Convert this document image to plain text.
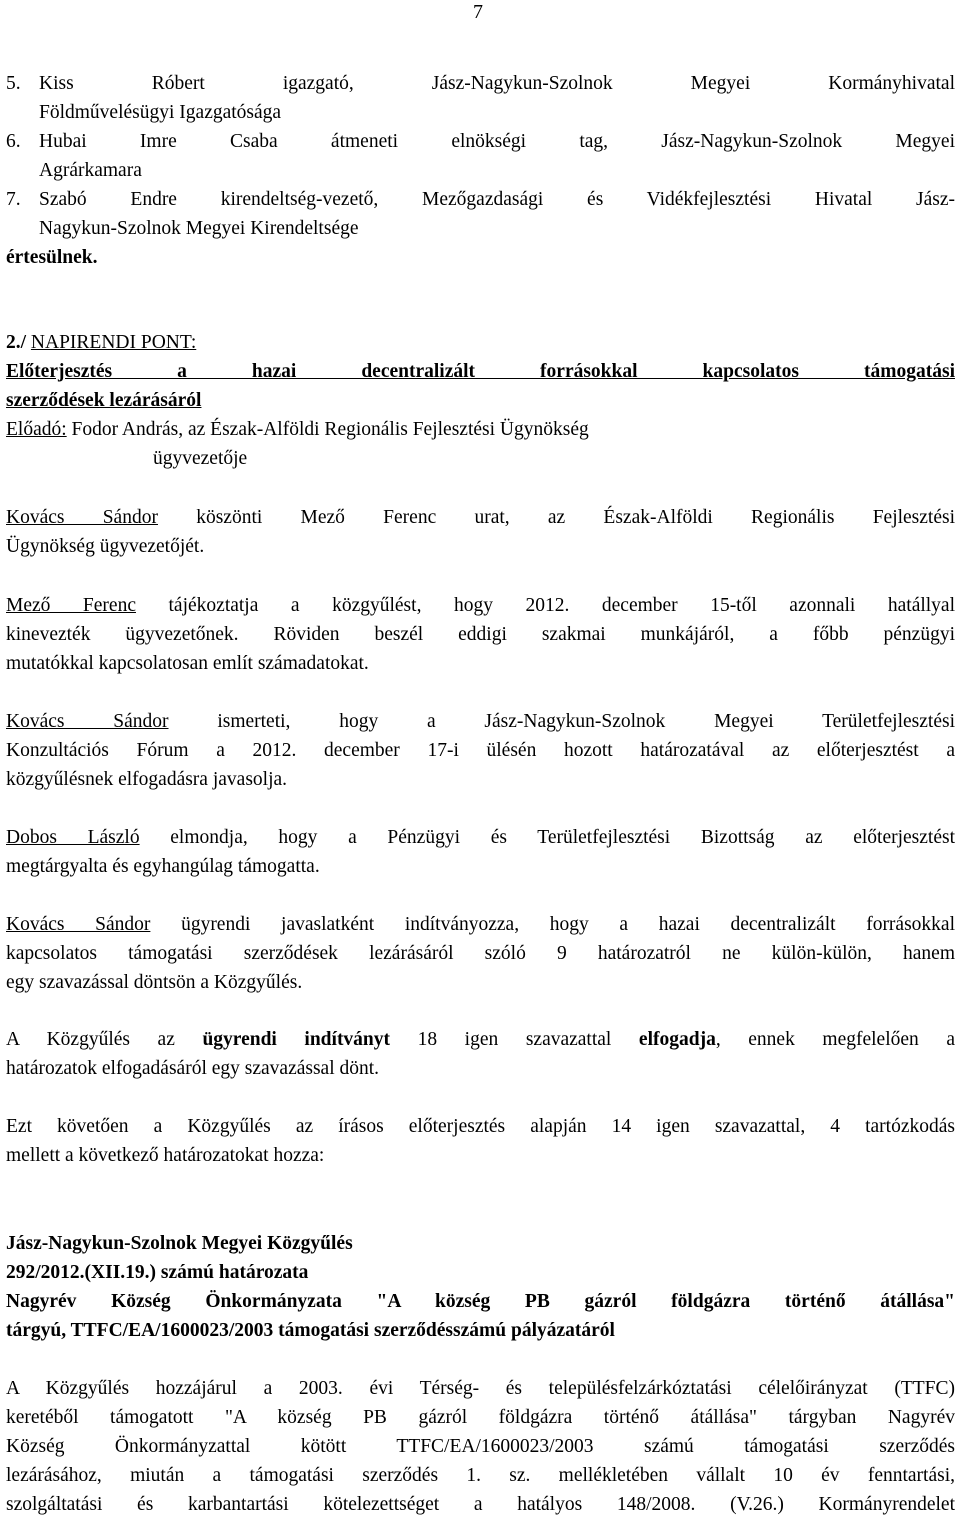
7
5. Kiss Róbert igazgató, Jász-Nagykun-Szolnok Megyei Kormányhivatal
Földművelésügyi Igazgatósága
6. Hubai Imre Csaba átmeneti elnökségi tag, Jász-Nagykun-Szolnok Megyei
Agrárkamara
7. Szabó Endre kirendeltség-vezető, Mezőgazdasági és Vidékfejlesztési Hivatal Jász-
Nagykun-Szolnok Megyei Kirendeltsége
értesülnek.
2./ NAPIRENDI PONT:
Előterjesztés a hazai decentralizált forrásokkal kapcsolatos támogatási
szerződések lezárásáról
Előadó: Fodor András, az Észak-Alföldi Regionális Fejlesztési Ügynökség
ügyvezetője
Kovács Sándor köszönti Mező Ferenc urat, az Észak-Alföldi Regionális Fejlesztési
Ügynökség ügyvezetőjét.
Mező Ferenc tájékoztatja a közgyűlést, hogy 2012. december 15-től azonnali hatállyal
kinevezték ügyvezetőnek. Röviden beszél eddigi szakmai munkájáról, a főbb pénzügyi
mutatókkal kapcsolatosan említ számadatokat.
Kovács Sándor	ismerteti, hogy a Jász-Nagykun-Szolnok Megyei Területfejlesztési
Konzultációs Fórum a 2012. december 17-i ülésén hozott határozatával az előterjesztést a
közgyűlésnek elfogadásra javasolja.
Dobos László elmondja, hogy a Pénzügyi és Területfejlesztési Bizottság az előterjesztést
megtárgyalta és egyhangúlag támogatta.
Kovács Sándor ügyrendi javaslatként indítványozza, hogy a hazai decentralizált forrásokkal
kapcsolatos támogatási szerződések lezárásáról szóló 9 határozatról ne külön-külön, hanem
egy szavazással döntsön a Közgyűlés.
A Közgyűlés az ügyrendi indítványt 18 igen szavazattal elfogadja, ennek megfelelően a
határozatok elfogadásáról egy szavazással dönt.
Ezt követően a Közgyűlés az írásos előterjesztés alapján 14 igen szavazattal, 4 tartózkodás
mellett a következő határozatokat hozza:
Jász-Nagykun-Szolnok Megyei Közgyűlés
292/2012.(XII.19.) számú határozata
Nagyrév Község Önkormányzata "A község PB gázról földgázra történő átállása"
tárgyú, TTFC/EA/1600023/2003 támogatási szerződésszámú pályázatáról
A Közgyűlés hozzájárul a 2003. évi Térség- és településfelzárkóztatási célelőirányzat (TTFC)
keretéből támogatott "A község PB gázról földgázra történő átállása" tárgyban Nagyrév
Község Önkormányzattal kötött TTFC/EA/1600023/2003 számú támogatási szerződés
lezárásához, miután a támogatási szerződés 1. sz. mellékletében vállalt 10 év fenntartási,
szolgáltatási és karbantartási kötelezettséget a hatályos 148/2008. (V.26.) Kormányrendelet
